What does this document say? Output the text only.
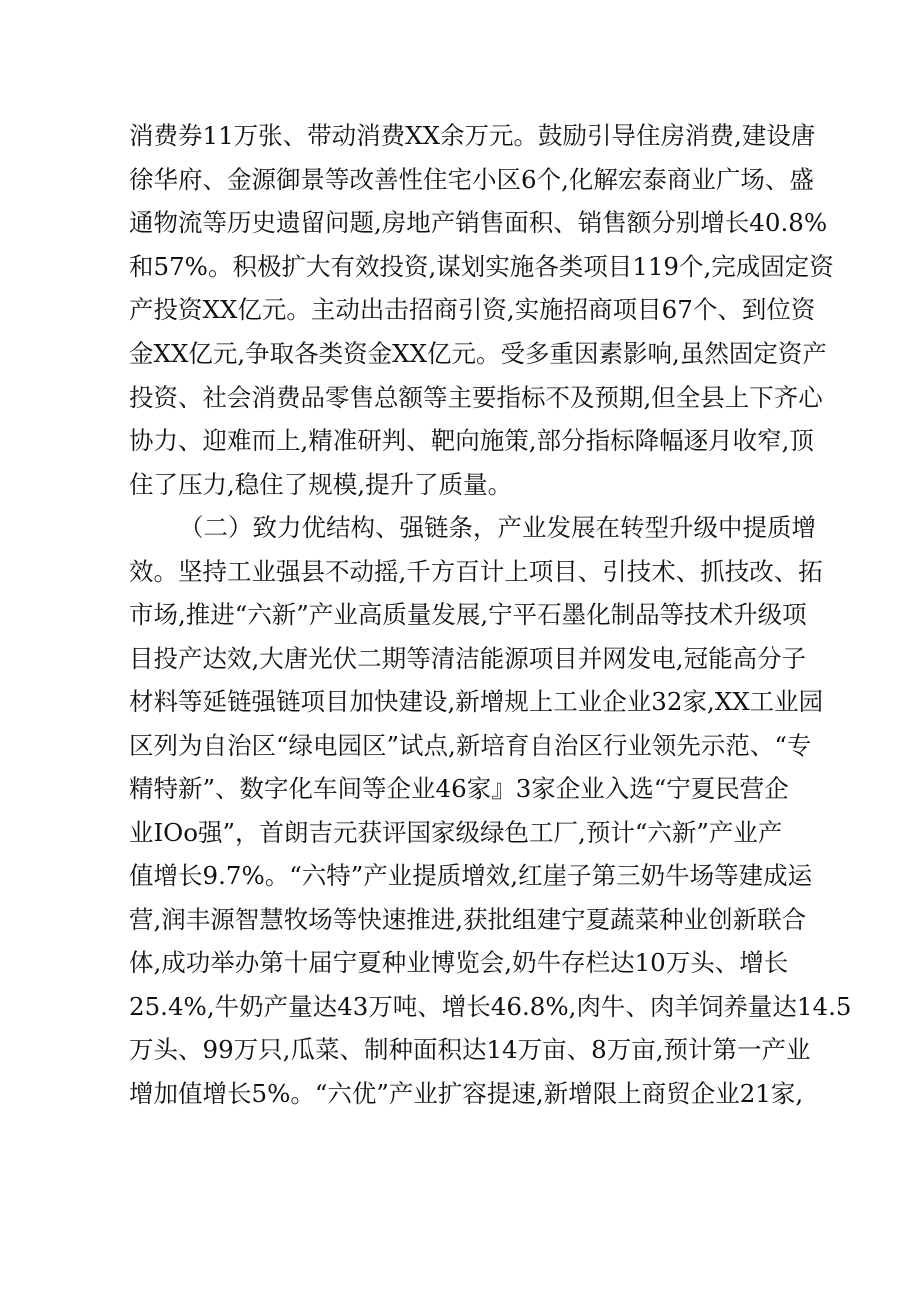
消费券11万张、带动消费XX余万元。鼓励引导住房消费,建设唐
徐华府、金源御景等改善性住宅小区6个,化解宏泰商业广场、盛
通物流等历史遗留问题,房地产销售面积、销售额分别增长40.8%
和57%。积极扩大有效投资,谋划实施各类项目119个,完成固定资
产投资XX亿元。主动出击招商引资,实施招商项目67个、到位资
金XX亿元,争取各类资金XX亿元。受多重因素影响,虽然固定资产
投资、社会消费品零售总额等主要指标不及预期,但全县上下齐心
协力、迎难而上,精准研判、靶向施策,部分指标降幅逐月收窄,顶
住了压力,稳住了规模,提升了质量。
（二）致力优结构、强链条，产业发展在转型升级中提质增
效。坚持工业强县不动摇,千方百计上项目、引技术、抓技改、拓
市场,推进“六新”产业高质量发展,宁平石墨化制品等技术升级项
目投产达效,大唐光伏二期等清洁能源项目并网发电,冠能高分子
材料等延链强链项目加快建设,新增规上工业企业32家,XX工业园
区列为自治区“绿电园区”试点,新培育自治区行业领先示范、“专
精特新”、数字化车间等企业46家』3家企业入选“宁夏民营企
业IOo强”，首朗吉元获评国家级绿色工厂,预计“六新”产业产
值增长9.7%。“六特”产业提质增效,红崖子第三奶牛场等建成运
营,润丰源智慧牧场等快速推进,获批组建宁夏蔬菜种业创新联合
体,成功举办第十届宁夏种业博览会,奶牛存栏达10万头、增长
25.4%,牛奶产量达43万吨、增长46.8%,肉牛、肉羊饲养量达14.5
万头、99万只,瓜菜、制种面积达14万亩、8万亩,预计第一产业
增加值增长5%。“六优”产业扩容提速,新增限上商贸企业21家,
